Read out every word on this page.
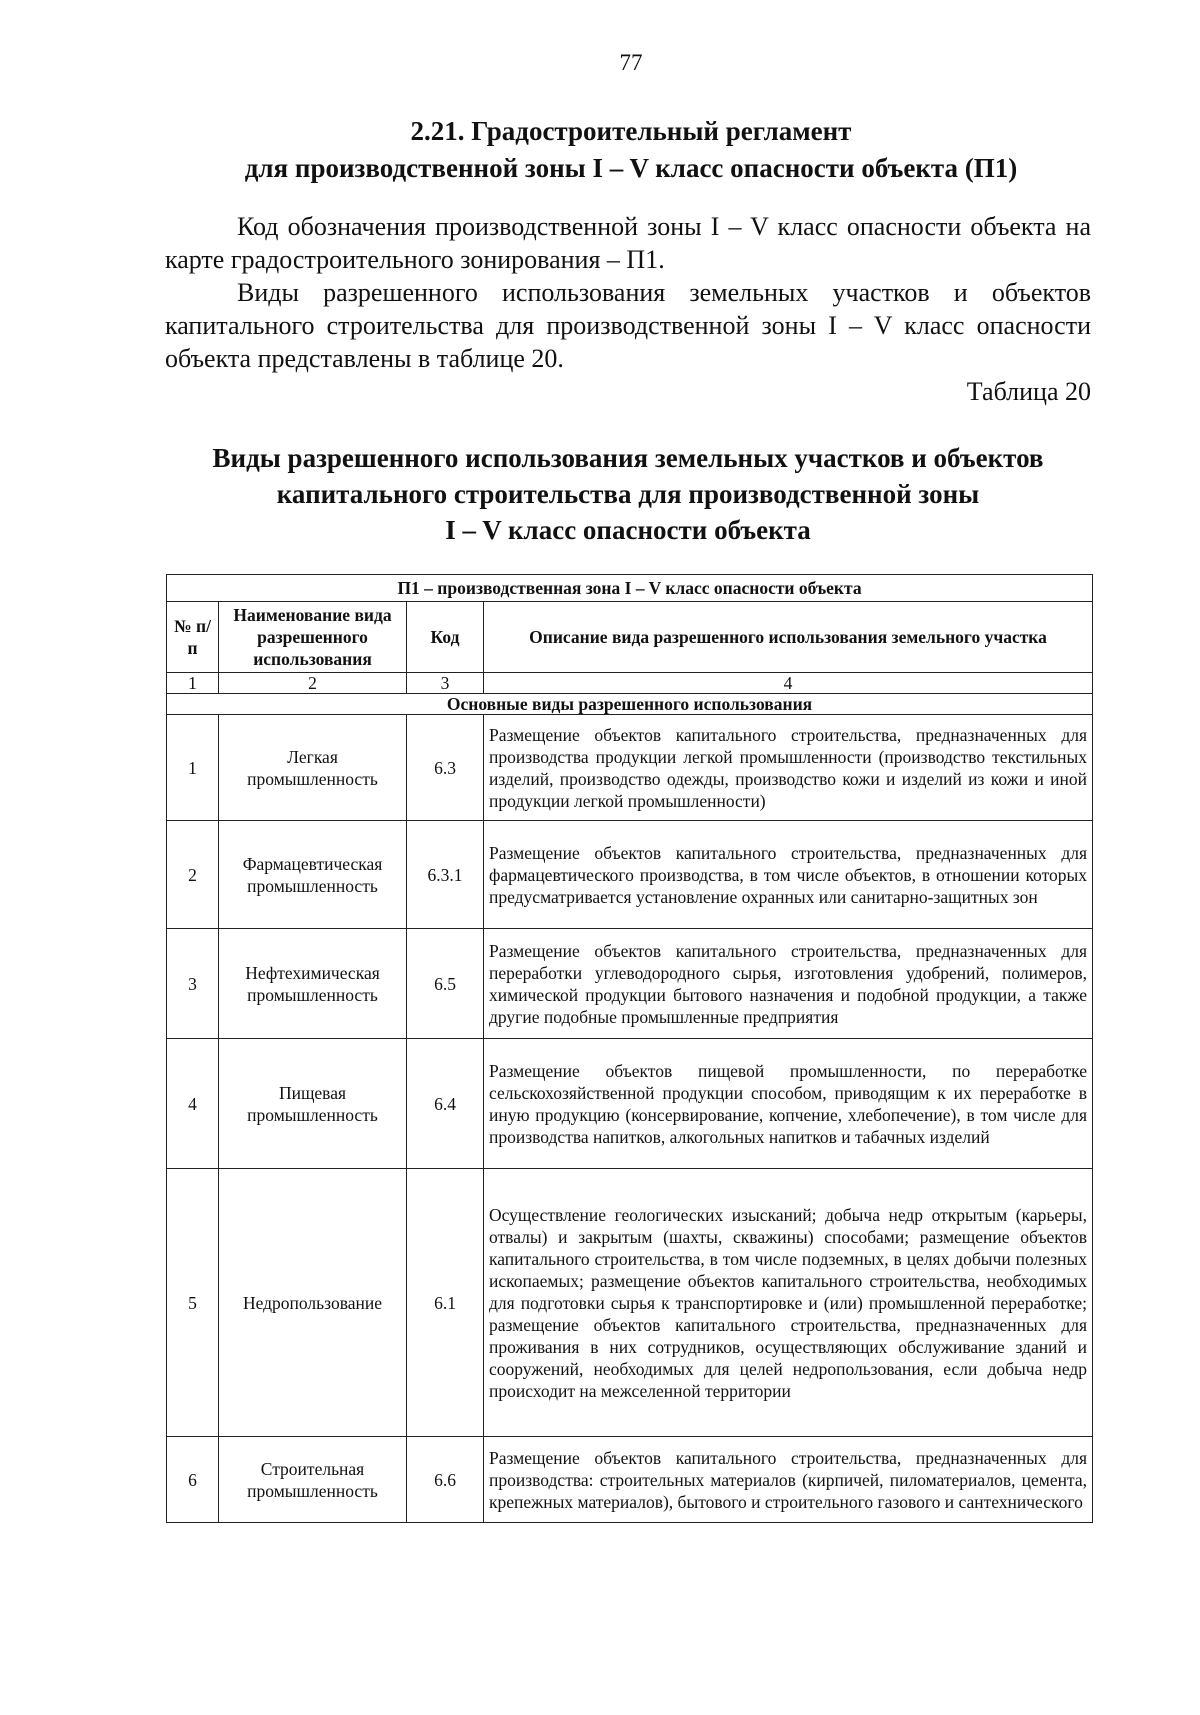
77
2.21. Градостроительный регламент
для производственной зоны I – V класс опасности объекта (П1)

Код обозначения производственной зоны I – V класс опасности объекта на карте градостроительного зонирования – П1.

Виды разрешенного использования земельных участков и объектов капитального строительства для производственной зоны I – V класс опасности объекта представлены в таблице 20.

Таблица 20
Виды разрешенного использования земельных участков и объектов
капитального строительства для производственной зоны
I – V класс опасности объекта
П1 – производственная зона I – V класс опасности объекта			
№ п/п	Наименование вида разрешенного использования	Код	Описание вида разрешенного использования земельного участка
1	2	3	4
Основные виды разрешенного использования			
1	Легкая промышленность	6.3	Размещение объектов капитального строительства, предназначенных для производства продукции легкой промышленности (производство текстильных изделий, производство одежды, производство кожи и изделий из кожи и иной продукции легкой промышленности)
2	Фармацевтическая промышленность	6.3.1	Размещение объектов капитального строительства, предназначенных для фармацевтического производства, в том числе объектов, в отношении которых предусматривается установление охранных или санитарно-защитных зон
3	Нефтехимическая промышленность	6.5	Размещение объектов капитального строительства, предназначенных для переработки углеводородного сырья, изготовления удобрений, полимеров, химической продукции бытового назначения и подобной продукции, а также другие подобные промышленные предприятия
4	Пищевая промышленность	6.4	Размещение объектов пищевой промышленности, по переработке сельскохозяйственной продукции способом, приводящим к их переработке в иную продукцию (консервирование, копчение, хлебопечение), в том числе для производства напитков, алкогольных напитков и табачных изделий
5	Недропользование	6.1	Осуществление геологических изысканий; добыча недр открытым (карьеры, отвалы) и закрытым (шахты, скважины) способами; размещение объектов капитального строительства, в том числе подземных, в целях добычи полезных ископаемых; размещение объектов капитального строительства, необходимых для подготовки сырья к транспортировке и (или) промышленной переработке; размещение объектов капитального строительства, предназначенных для проживания в них сотрудников, осуществляющих обслуживание зданий и сооружений, необходимых для целей недропользования, если добыча недр происходит на межселенной территории
6	Строительная промышленность	6.6	Размещение объектов капитального строительства, предназначенных для производства: строительных материалов (кирпичей, пиломатериалов, цемента, крепежных материалов), бытового и строительного газового и сантехнического
